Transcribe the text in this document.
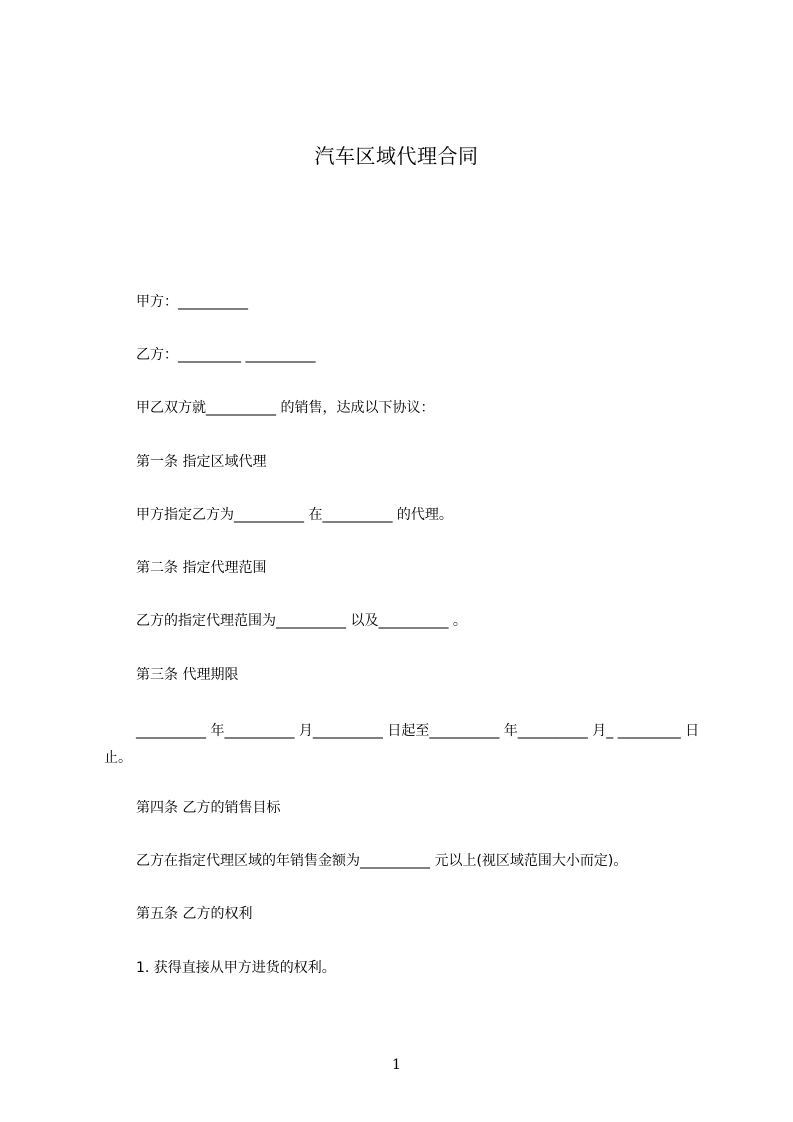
汽车区域代理合同
甲方：__________
乙方：_________ __________
甲乙双方就__________ 的销售，达成以下协议：
第一条 指定区域代理
甲方指定乙方为__________ 在__________ 的代理。
第二条 指定代理范围
乙方的指定代理范围为__________ 以及__________ 。
第三条 代理期限
__________ 年__________ 月__________ 日起至__________ 年__________ 月_ _________ 日止。
第四条 乙方的销售目标
乙方在指定代理区域的年销售金额为__________ 元以上(视区域范围大小而定)。
第五条 乙方的权利
1. 获得直接从甲方进货的权利。
1
